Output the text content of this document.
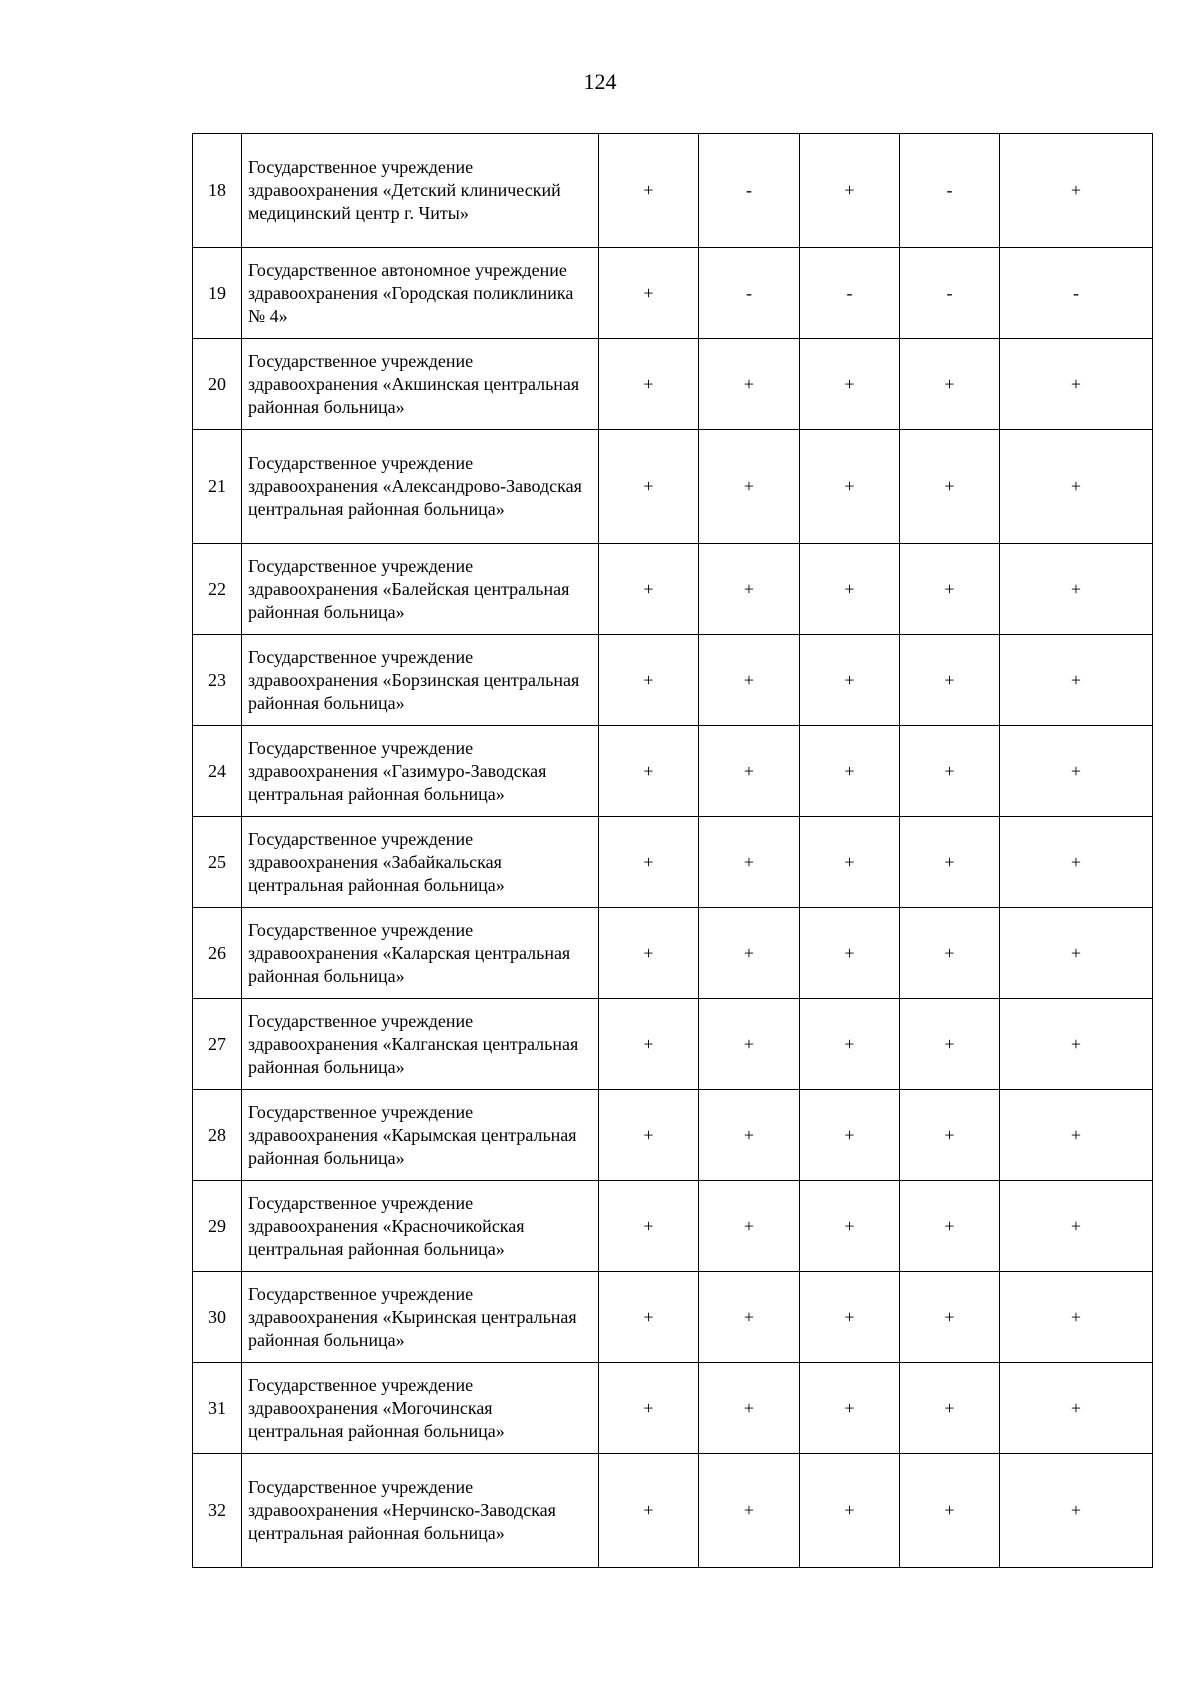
124
18	Государственное учреждение здравоохранения «Детский клинический медицинский центр г. Читы»	+	-	+	-	+
19	Государственное автономное учреждение здравоохранения «Городская поликлиника № 4»	+	-	-	-	-
20	Государственное учреждение здравоохранения «Акшинская центральная районная больница»	+	+	+	+	+
21	Государственное учреждение здравоохранения «Александрово-Заводская центральная районная больница»	+	+	+	+	+
22	Государственное учреждение здравоохранения «Балейская центральная районная больница»	+	+	+	+	+
23	Государственное учреждение здравоохранения «Борзинская центральная районная больница»	+	+	+	+	+
24	Государственное учреждение здравоохранения «Газимуро-Заводская центральная районная больница»	+	+	+	+	+
25	Государственное учреждение здравоохранения «Забайкальская центральная районная больница»	+	+	+	+	+
26	Государственное учреждение здравоохранения «Каларская центральная районная больница»	+	+	+	+	+
27	Государственное учреждение здравоохранения «Калганская центральная районная больница»	+	+	+	+	+
28	Государственное учреждение здравоохранения «Карымская центральная районная больница»	+	+	+	+	+
29	Государственное учреждение здравоохранения «Красночикойская центральная районная больница»	+	+	+	+	+
30	Государственное учреждение здравоохранения «Кыринская центральная районная больница»	+	+	+	+	+
31	Государственное учреждение здравоохранения «Могочинская центральная районная больница»	+	+	+	+	+
32	Государственное учреждение здравоохранения «Нерчинско-Заводская центральная районная больница»	+	+	+	+	+
